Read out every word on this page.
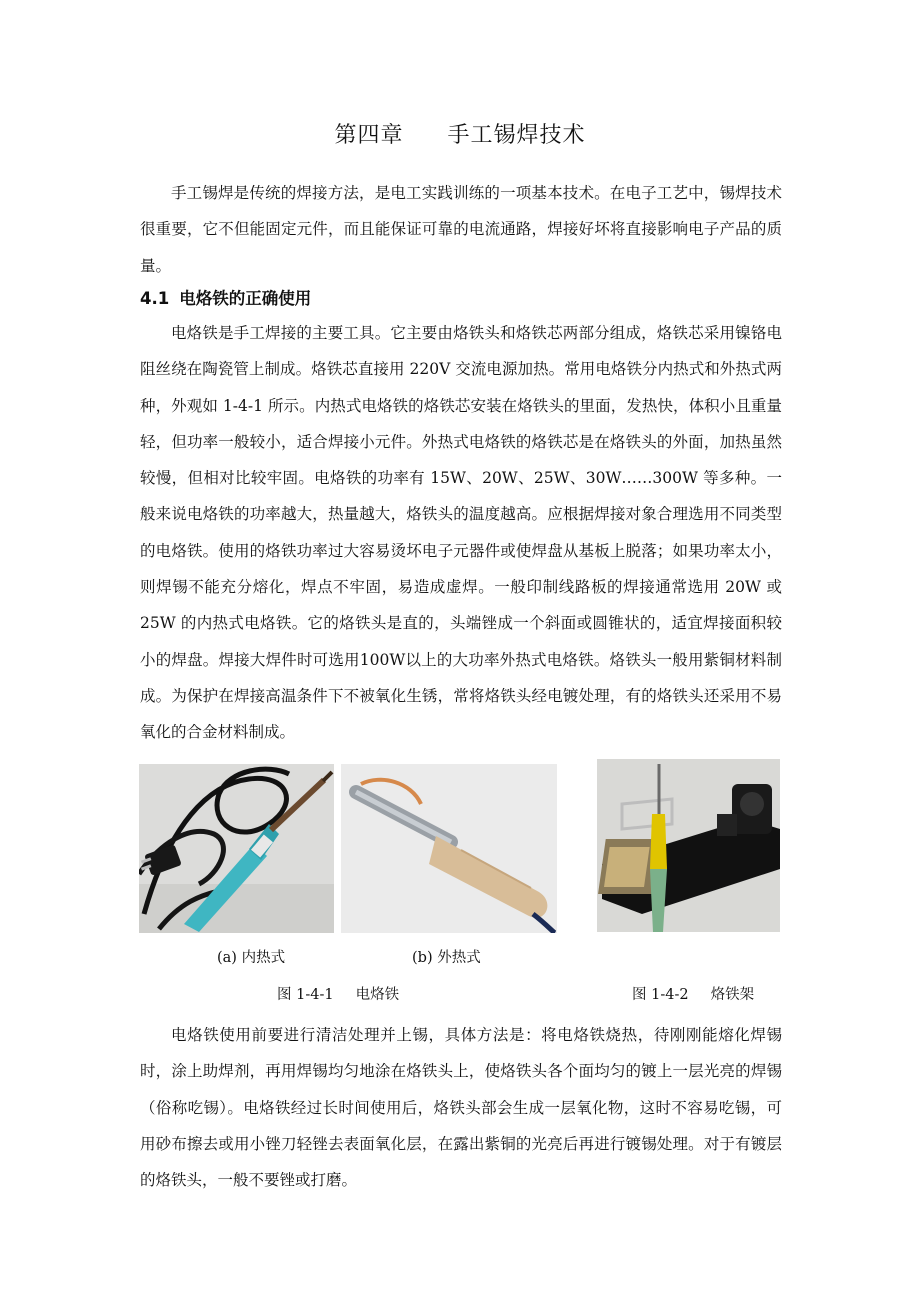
第四章 手工锡焊技术

手工锡焊是传统的焊接方法，是电工实践训练的一项基本技术。在电子工艺中，锡焊技术很重要，它不但能固定元件，而且能保证可靠的电流通路，焊接好坏将直接影响电子产品的质量。

4.1 电烙铁的正确使用

电烙铁是手工焊接的主要工具。它主要由烙铁头和烙铁芯两部分组成，烙铁芯采用镍铬电阻丝绕在陶瓷管上制成。烙铁芯直接用 220V 交流电源加热。常用电烙铁分内热式和外热式两种，外观如 1-4-1 所示。内热式电烙铁的烙铁芯安装在烙铁头的里面，发热快，体积小且重量轻，但功率一般较小，适合焊接小元件。外热式电烙铁的烙铁芯是在烙铁头的外面，加热虽然较慢，但相对比较牢固。电烙铁的功率有 15W、20W、25W、30W……300W 等多种。一般来说电烙铁的功率越大，热量越大，烙铁头的温度越高。应根据焊接对象合理选用不同类型的电烙铁。使用的烙铁功率过大容易烫坏电子元器件或使焊盘从基板上脱落；如果功率太小，则焊锡不能充分熔化，焊点不牢固，易造成虚焊。一般印制线路板的焊接通常选用 20W 或 25W 的内热式电烙铁。它的烙铁头是直的，头端锉成一个斜面或圆锥状的，适宜焊接面积较小的焊盘。焊接大焊件时可选用100W以上的大功率外热式电烙铁。烙铁头一般用紫铜材料制成。为保护在焊接高温条件下不被氧化生锈，常将烙铁头经电镀处理，有的烙铁头还采用不易氧化的合金材料制成。

(a) 内热式	(b) 外热式
图 1-4-1 电烙铁	图 1-4-2 烙铁架

电烙铁使用前要进行清洁处理并上锡，具体方法是：将电烙铁烧热，待刚刚能熔化焊锡时，涂上助焊剂，再用焊锡均匀地涂在烙铁头上，使烙铁头各个面均匀的镀上一层光亮的焊锡（俗称吃锡）。电烙铁经过长时间使用后，烙铁头部会生成一层氧化物，这时不容易吃锡，可用砂布擦去或用小锉刀轻锉去表面氧化层，在露出紫铜的光亮后再进行镀锡处理。对于有镀层的烙铁头，一般不要锉或打磨。
